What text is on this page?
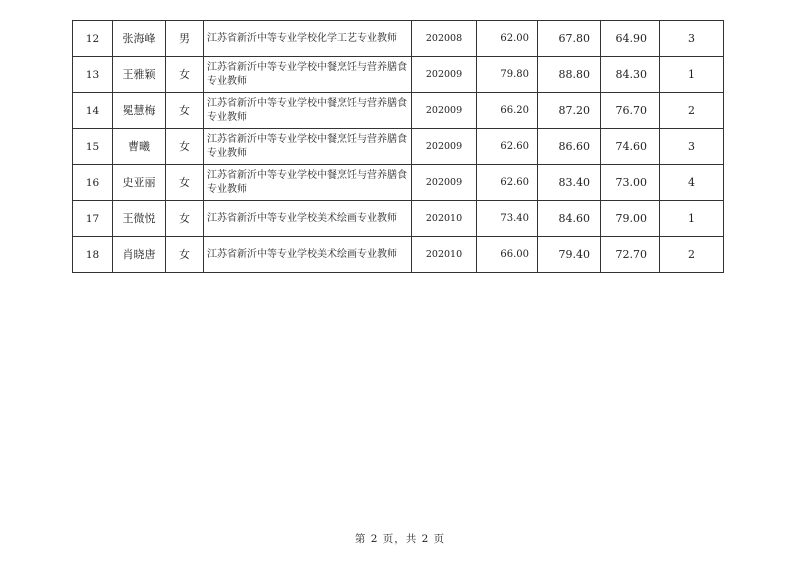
12	张海峰	男	江苏省新沂中等专业学校化学工艺专业教师	202008	62.00	67.80	64.90	3
13	王雅颖	女	江苏省新沂中等专业学校中餐烹饪与营养膳食专业教师	202009	79.80	88.80	84.30	1
14	冕慧梅	女	江苏省新沂中等专业学校中餐烹饪与营养膳食专业教师	202009	66.20	87.20	76.70	2
15	曹曦	女	江苏省新沂中等专业学校中餐烹饪与营养膳食专业教师	202009	62.60	86.60	74.60	3
16	史亚丽	女	江苏省新沂中等专业学校中餐烹饪与营养膳食专业教师	202009	62.60	83.40	73.00	4
17	王微悦	女	江苏省新沂中等专业学校美术绘画专业教师	202010	73.40	84.60	79.00	1
18	肖晓唐	女	江苏省新沂中等专业学校美术绘画专业教师	202010	66.00	79.40	72.70	2
第 2 页，共 2 页
